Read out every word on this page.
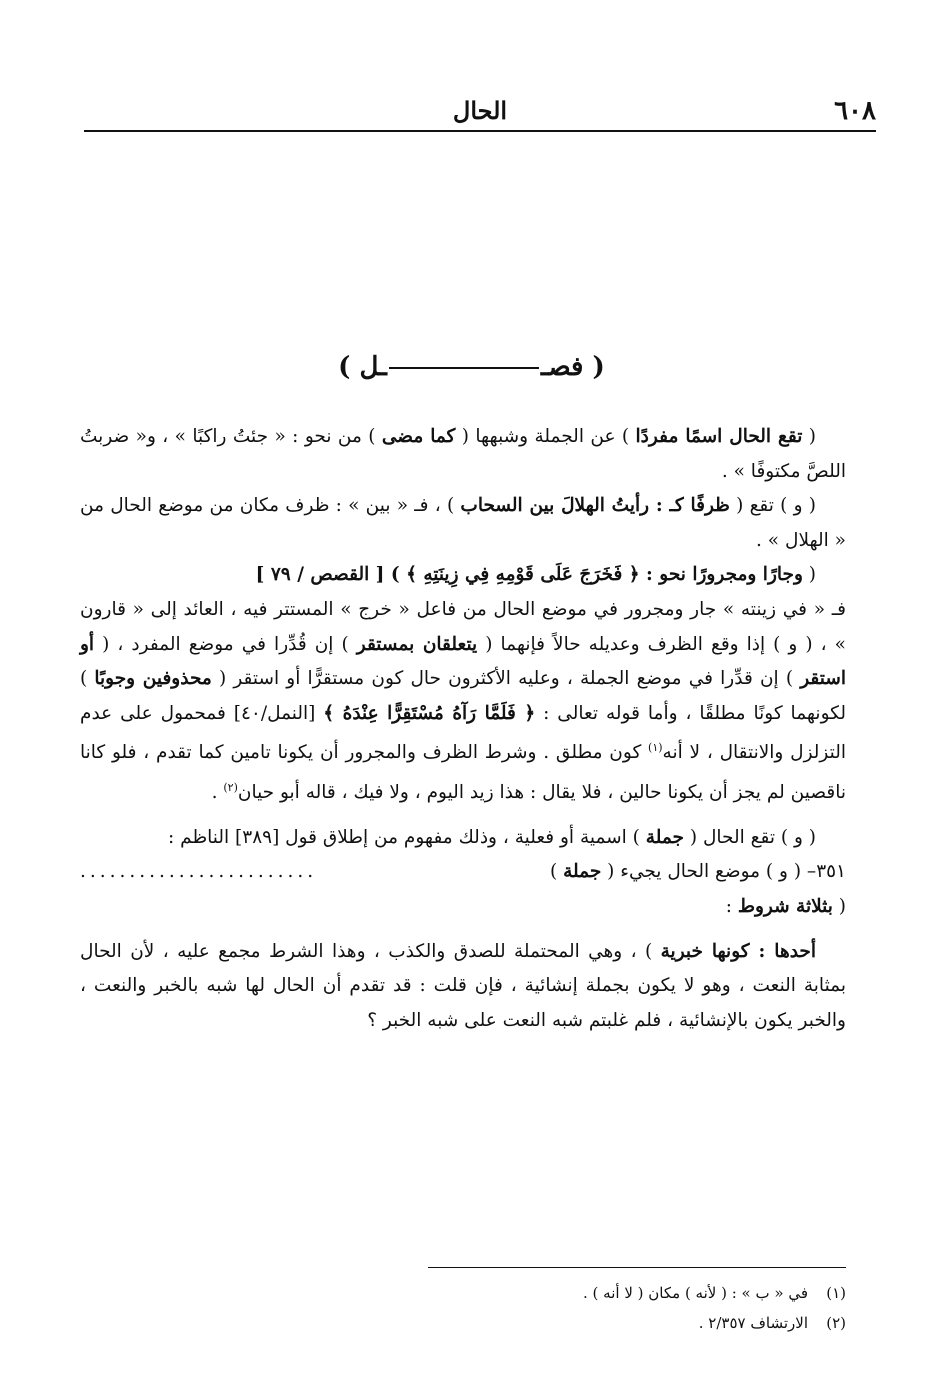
٦٠٨
الحال
( فصــل )

( تقع الحال اسمًا مفردًا ) عن الجملة وشبهها ( كما مضى ) من نحو : « جئتُ راكبًا » ، و« ضربتُ اللصَّ مكتوفًا » .

( و ) تقع ( ظرفًا كـ : رأيتُ الهلالَ بين السحاب ) ، فـ « بين » : ظرف مكان من موضع الحال من « الهلال » .

( وجارًا ومجرورًا نحو : ﴿ فَخَرَجَ عَلَى قَوْمِهِ فِي زِينَتِهِ ﴾ ) [ القصص / ٧٩ ]

فـ « في زينته » جار ومجرور في موضع الحال من فاعل « خرج » المستتر فيه ، العائد إلى « قارون » ، ( و ) إذا وقع الظرف وعديله حالاً فإنهما ( يتعلقان بمستقر ) إن قُدِّرا في موضع المفرد ، ( أو استقر ) إن قدِّرا في موضع الجملة ، وعليه الأكثرون حال كون مستقرًّا أو استقر ( محذوفين وجوبًا ) لكونهما كونًا مطلقًا ، وأما قوله تعالى : ﴿ فَلَمَّا رَآهُ مُسْتَقِرًّا عِنْدَهُ ﴾ [النمل/٤٠] فمحمول على عدم التزلزل والانتقال ، لا أنه$^{(١)}$ كون مطلق . وشرط الظرف والمجرور أن يكونا تامين كما تقدم ، فلو كانا ناقصين لم يجز أن يكونا حالين ، فلا يقال : هذا زيد اليوم ، ولا فيك ، قاله أبو حيان$^{(٢)}$ .

( و ) تقع الحال ( جملة ) اسمية أو فعلية ، وذلك مفهوم من إطلاق قول [٣٨٩] الناظم :

٣٥١– ( و ) موضع الحال يجيء ( جملة )
........................

( بثلاثة شروط :

أحدها : كونها خبرية ) ، وهي المحتملة للصدق والكذب ، وهذا الشرط مجمع عليه ، لأن الحال بمثابة النعت ، وهو لا يكون بجملة إنشائية ، فإن قلت : قد تقدم أن الحال لها شبه بالخبر والنعت ، والخبر يكون بالإنشائية ، فلم غلبتم شبه النعت على شبه الخبر ؟

(١)في « ب » : ( لأنه ) مكان ( لا أنه ) .

(٢)الارتشاف ٢/٣٥٧ .
